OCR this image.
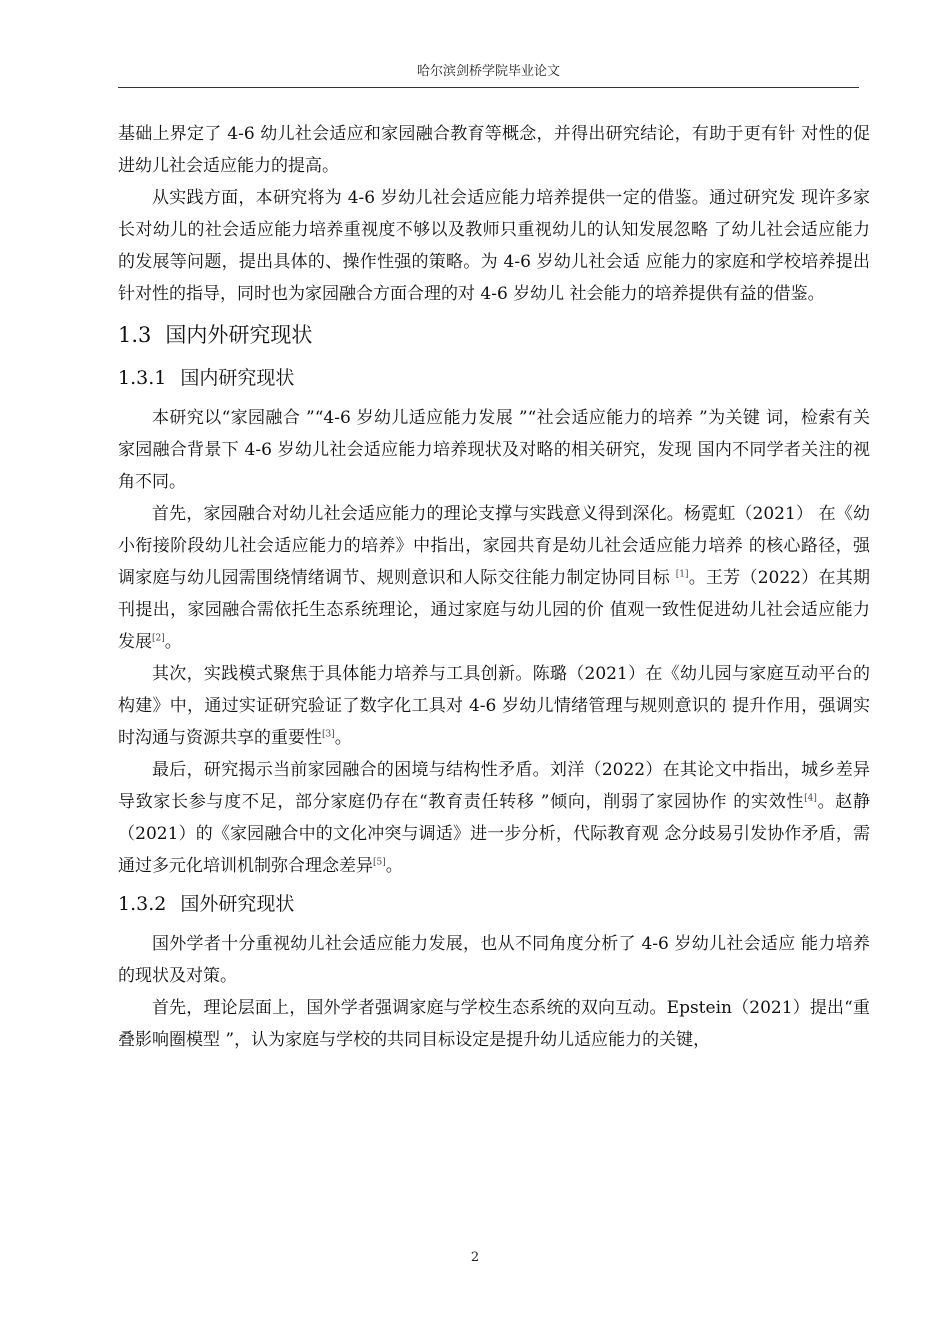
哈尔滨剑桥学院毕业论文

基础上界定了 4-6 幼儿社会适应和家园融合教育等概念，并得出研究结论，有助于更有针 对性的促进幼儿社会适应能力的提高。

从实践方面，本研究将为 4-6 岁幼儿社会适应能力培养提供一定的借鉴。通过研究发 现许多家长对幼儿的社会适应能力培养重视度不够以及教师只重视幼儿的认知发展忽略 了幼儿社会适应能力的发展等问题，提出具体的、操作性强的策略。为 4-6 岁幼儿社会适 应能力的家庭和学校培养提出针对性的指导，同时也为家园融合方面合理的对 4-6 岁幼儿 社会能力的培养提供有益的借鉴。

1.3 国内外研究现状
1.3.1 国内研究现状

本研究以“家园融合 ”“4-6 岁幼儿适应能力发展 ”“社会适应能力的培养 ”为关键 词，检索有关家园融合背景下 4-6 岁幼儿社会适应能力培养现状及对略的相关研究，发现 国内不同学者关注的视角不同。

首先，家园融合对幼儿社会适应能力的理论支撑与实践意义得到深化。杨霓虹（2021） 在《幼小衔接阶段幼儿社会适应能力的培养》中指出，家园共育是幼儿社会适应能力培养 的核心路径，强调家庭与幼儿园需围绕情绪调节、规则意识和人际交往能力制定协同目标 [1]。王芳（2022）在其期刊提出，家园融合需依托生态系统理论，通过家庭与幼儿园的价 值观一致性促进幼儿社会适应能力发展[2]。

其次，实践模式聚焦于具体能力培养与工具创新。陈璐（2021）在《幼儿园与家庭互动平台的构建》中，通过实证研究验证了数字化工具对 4-6 岁幼儿情绪管理与规则意识的 提升作用，强调实时沟通与资源共享的重要性[3]。

最后，研究揭示当前家园融合的困境与结构性矛盾。刘洋（2022）在其论文中指出，城乡差异导致家长参与度不足，部分家庭仍存在“教育责任转移 ”倾向，削弱了家园协作 的实效性[4]。赵静（2021）的《家园融合中的文化冲突与调适》进一步分析，代际教育观 念分歧易引发协作矛盾，需通过多元化培训机制弥合理念差异[5]。

1.3.2 国外研究现状

国外学者十分重视幼儿社会适应能力发展，也从不同角度分析了 4-6 岁幼儿社会适应 能力培养的现状及对策。

首先，理论层面上，国外学者强调家庭与学校生态系统的双向互动。Epstein（2021）提出“重叠影响圈模型 ”，认为家庭与学校的共同目标设定是提升幼儿适应能力的关键，

2
